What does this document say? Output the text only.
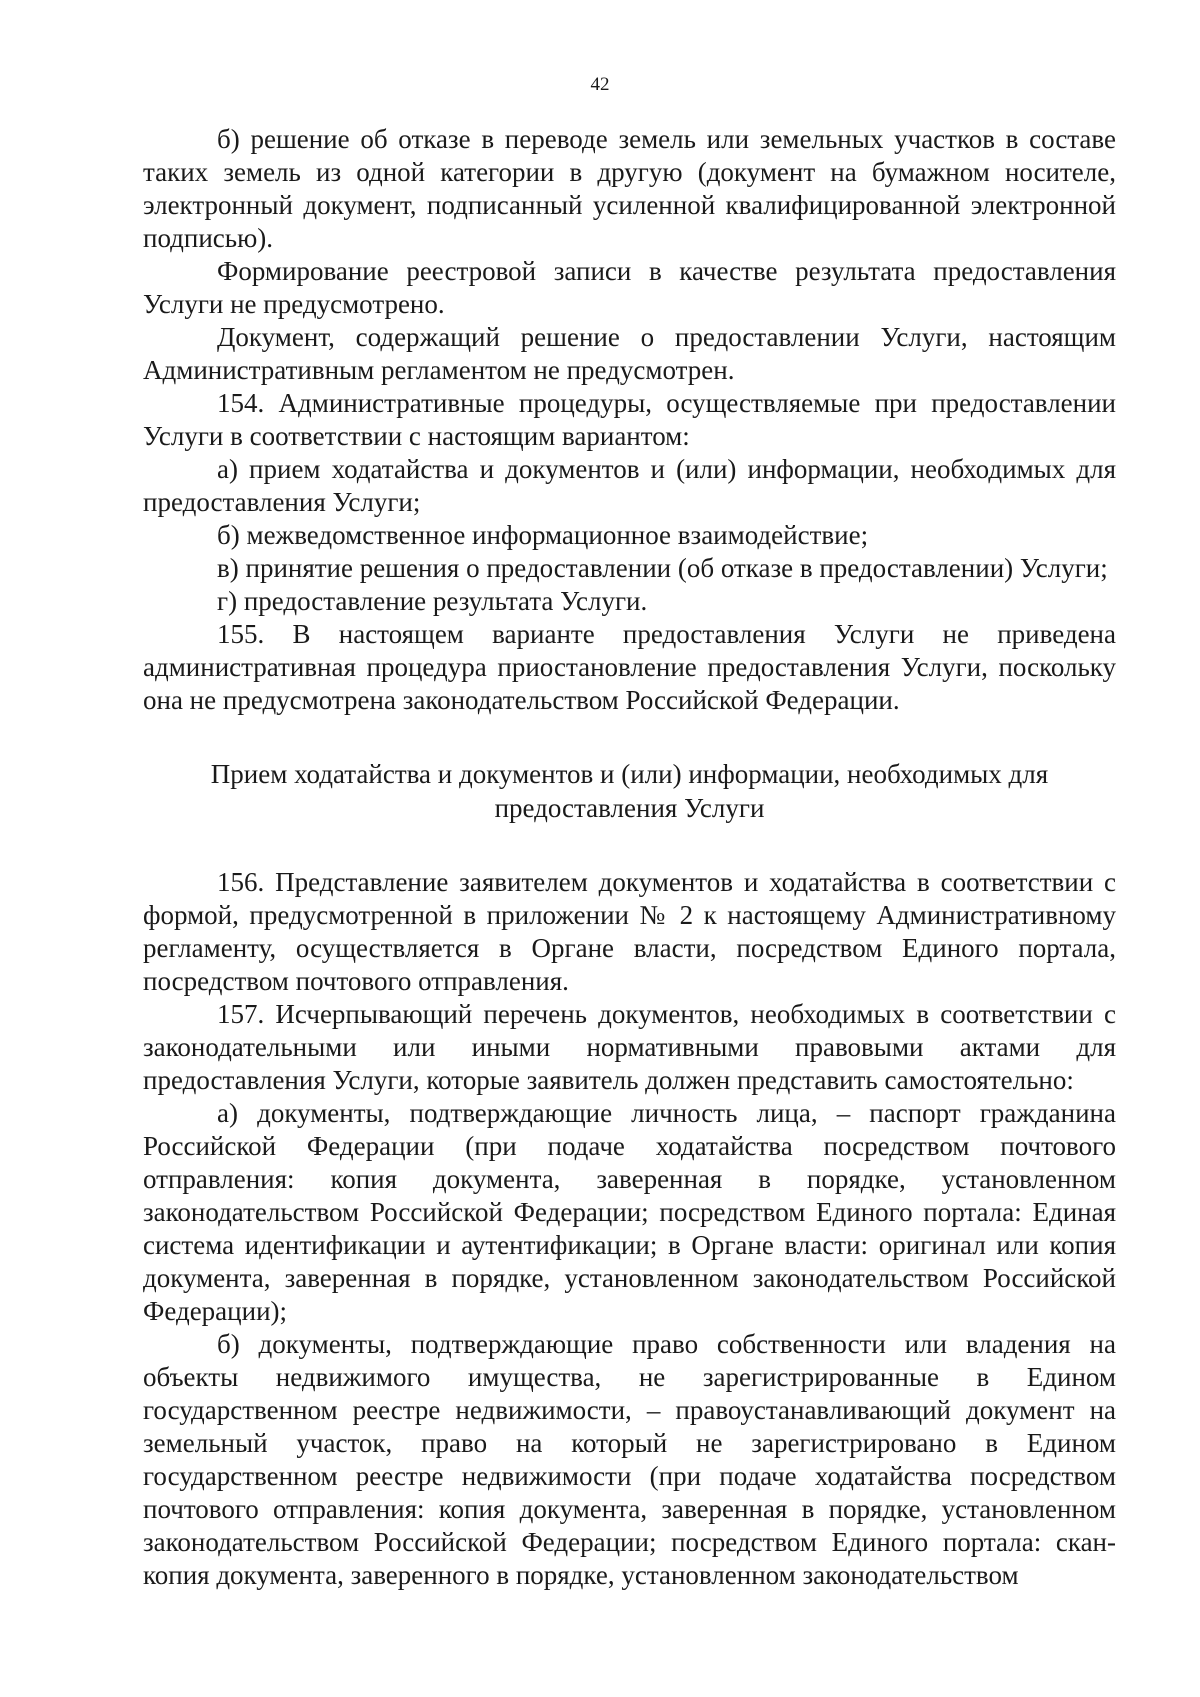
42

б) решение об отказе в переводе земель или земельных участков в составе таких земель из одной категории в другую (документ на бумажном носителе, электронный документ, подписанный усиленной квалифицированной электронной подписью).

Формирование реестровой записи в качестве результата предоставления Услуги не предусмотрено.

Документ, содержащий решение о предоставлении Услуги, настоящим Административным регламентом не предусмотрен.

154. Административные процедуры, осуществляемые при предоставлении Услуги в соответствии с настоящим вариантом:

а) прием ходатайства и документов и (или) информации, необходимых для предоставления Услуги;

б) межведомственное информационное взаимодействие;

в) принятие решения о предоставлении (об отказе в предоставлении) Услуги;

г) предоставление результата Услуги.

155. В настоящем варианте предоставления Услуги не приведена административная процедура приостановление предоставления Услуги, поскольку она не предусмотрена законодательством Российской Федерации.

Прием ходатайства и документов и (или) информации, необходимых для предоставления Услуги

156. Представление заявителем документов и ходатайства в соответствии с формой, предусмотренной в приложении № 2 к настоящему Административному регламенту, осуществляется в Органе власти, посредством Единого портала, посредством почтового отправления.

157. Исчерпывающий перечень документов, необходимых в соответствии с законодательными или иными нормативными правовыми актами для предоставления Услуги, которые заявитель должен представить самостоятельно:

а) документы, подтверждающие личность лица, – паспорт гражданина Российской Федерации (при подаче ходатайства посредством почтового отправления: копия документа, заверенная в порядке, установленном законодательством Российской Федерации; посредством Единого портала: Единая система идентификации и аутентификации; в Органе власти: оригинал или копия документа, заверенная в порядке, установленном законодательством Российской Федерации);

б) документы, подтверждающие право собственности или владения на объекты недвижимого имущества, не зарегистрированные в Едином государственном реестре недвижимости, – правоустанавливающий документ на земельный участок, право на который не зарегистрировано в Едином государственном реестре недвижимости (при подаче ходатайства посредством почтового отправления: копия документа, заверенная в порядке, установленном законодательством Российской Федерации; посредством Единого портала: скан-копия документа, заверенного в порядке, установленном законодательством
